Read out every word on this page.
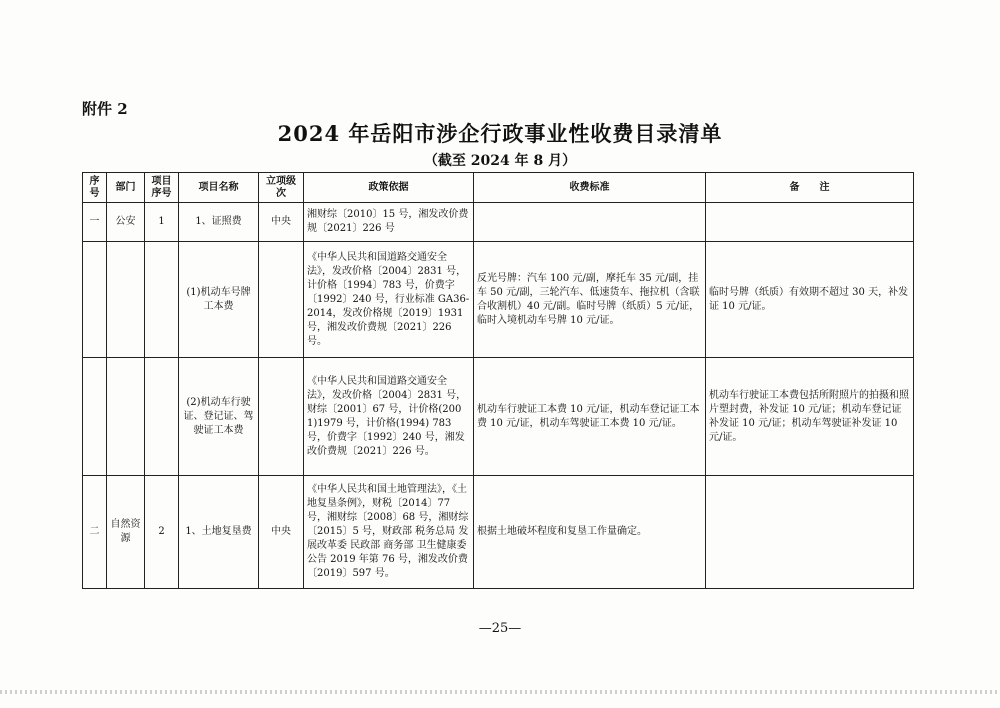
附件 2
2024 年岳阳市涉企行政事业性收费目录清单
（截至 2024 年 8 月）
序号	部门	项目序号	项目名称	立项级次	政策依据	收费标准	备　　注
一	公安	1	1、证照费	中央	湘财综〔2010〕15 号，湘发改价费规〔2021〕226 号		
			(1)机动车号牌工本费		《中华人民共和国道路交通安全法》，发改价格〔2004〕2831 号，计价格〔1994〕783 号，价费字〔1992〕240 号，行业标准 GA36-2014，发改价格规〔2019〕1931 号，湘发改价费规〔2021〕226 号。	反光号牌：汽车 100 元/副，摩托车 35 元/副，挂车 50 元/副，三轮汽车、低速货车、拖拉机（含联合收割机）40 元/副。临时号牌（纸质）5 元/证，临时入境机动车号牌 10 元/证。	临时号牌（纸质）有效期不超过 30 天，补发证 10 元/证。
			(2)机动车行驶证、登记证、驾驶证工本费		《中华人民共和国道路交通安全法》，发改价格〔2004〕2831 号，财综〔2001〕67 号，计价格(2001)1979 号，计价格(1994) 783 号，价费字〔1992〕240 号，湘发改价费规〔2021〕226 号。	机动车行驶证工本费 10 元/证，机动车登记证工本费 10 元/证，机动车驾驶证工本费 10 元/证。	机动车行驶证工本费包括所附照片的拍摄和照片塑封费，补发证 10 元/证；机动车登记证补发证 10 元/证；机动车驾驶证补发证 10 元/证。
二	自然资源	2	1、土地复垦费	中央	《中华人民共和国土地管理法》，《土地复垦条例》，财税〔2014〕77 号，湘财综〔2008〕68 号，湘财综〔2015〕5 号，财政部 税务总局 发展改革委 民政部 商务部 卫生健康委公告 2019 年第 76 号，湘发改价费〔2019〕597 号。	根据土地破坏程度和复垦工作量确定。	
—25—
